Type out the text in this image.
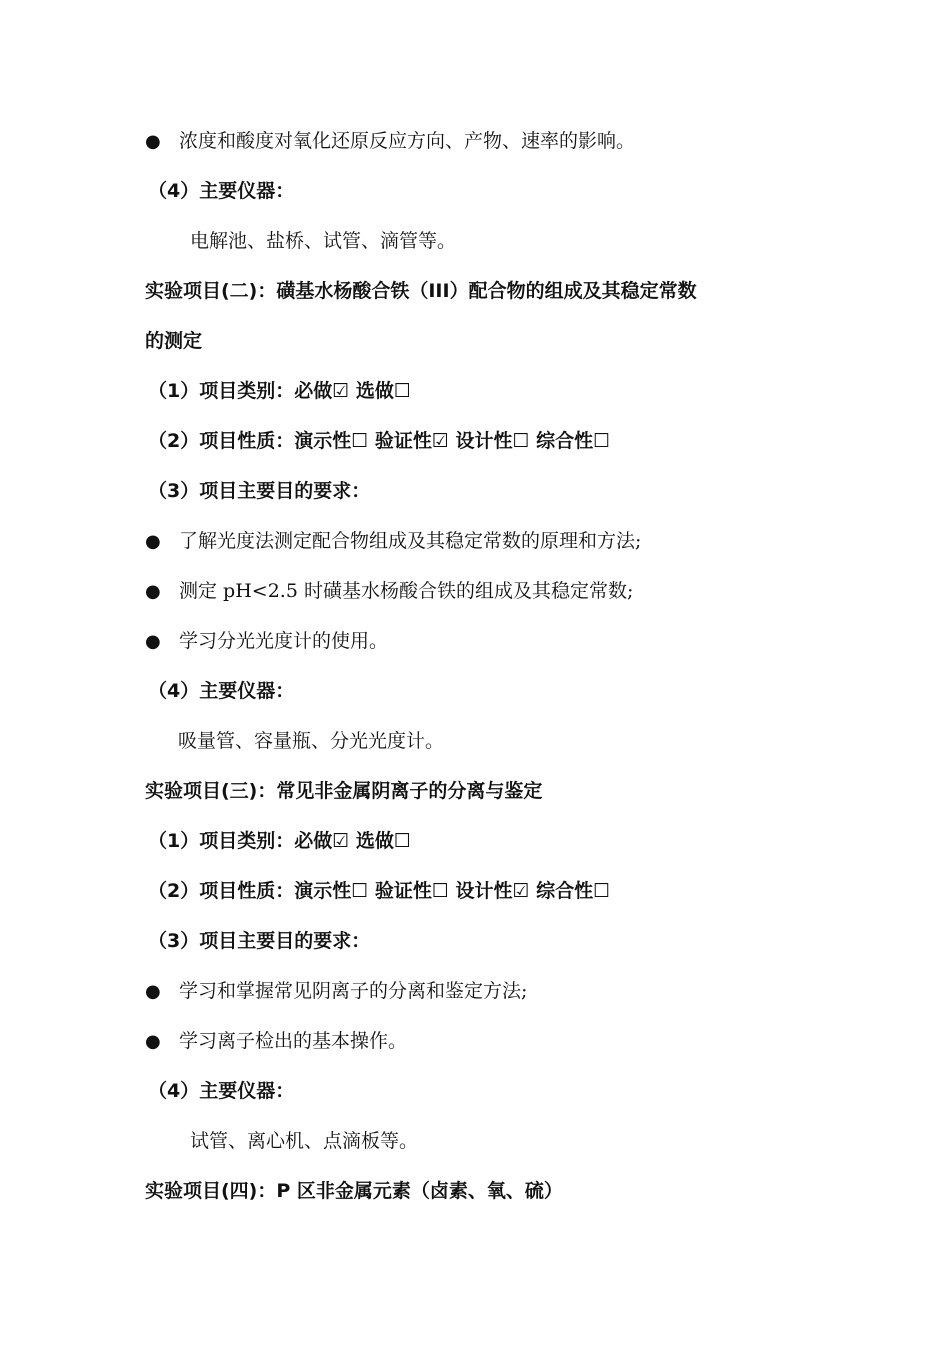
● 浓度和酸度对氧化还原反应方向、产物、速率的影响。
（4）主要仪器：
电解池、盐桥、试管、滴管等。
实验项目(二)：磺基水杨酸合铁（III）配合物的组成及其稳定常数
的测定
（1）项目类别：必做☑ 选做☐
（2）项目性质：演示性☐ 验证性☑ 设计性☐ 综合性☐
（3）项目主要目的要求：
● 了解光度法测定配合物组成及其稳定常数的原理和方法;
● 测定 pH<2.5 时磺基水杨酸合铁的组成及其稳定常数;
● 学习分光光度计的使用。
（4）主要仪器：
吸量管、容量瓶、分光光度计。
实验项目(三)：常见非金属阴离子的分离与鉴定
（1）项目类别：必做☑ 选做☐
（2）项目性质：演示性☐ 验证性☐ 设计性☑ 综合性☐
（3）项目主要目的要求：
● 学习和掌握常见阴离子的分离和鉴定方法;
● 学习离子检出的基本操作。
（4）主要仪器：
试管、离心机、点滴板等。
实验项目(四)：P 区非金属元素（卤素、氧、硫）
